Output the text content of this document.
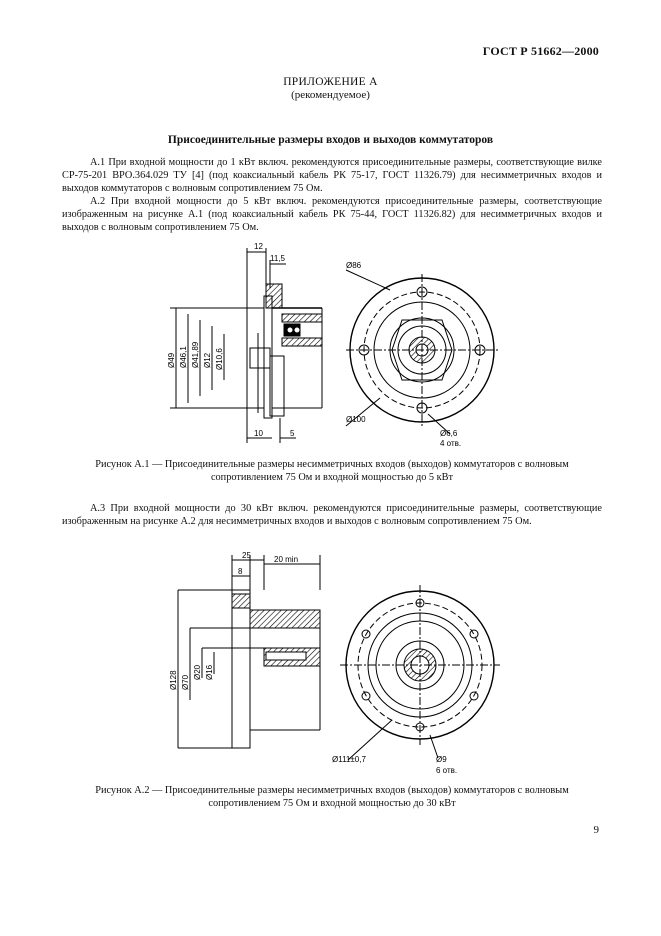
ГОСТ Р 51662—2000
ПРИЛОЖЕНИЕ А
(рекомендуемое)
Присоединительные размеры входов и выходов коммутаторов
А.1 При входной мощности до 1 кВт включ. рекомендуются присоединительные размеры, соответствующие вилке СР-75-201 ВРО.364.029 ТУ [4] (под коаксиальный кабель РК 75-17, ГОСТ 11326.79) для несимметричных входов и выходов коммутаторов с волновым сопротивлением 75 Ом.
А.2 При входной мощности до 5 кВт включ. рекомендуются присоединительные размеры, соответствующие изображенным на рисунке А.1 (под коаксиальный кабель РК 75-44, ГОСТ 11326.82) для несимметричных входов и выходов с волновым сопротивлением 75 Ом.
12
11,5
10	5
Ø49 Ø46,1 Ø41,89 Ø12 Ø10,6
Ø86
Ø100
Ø6,6
4 отв.
Рисунок А.1 — Присоединительные размеры несимметричных входов (выходов) коммутаторов с волновым сопротивлением 75 Ом и входной мощностью до 5 кВт
А.3 При входной мощности до 30 кВт включ. рекомендуются присоединительные размеры, соответствующие изображенным на рисунке А.2 для несимметричных входов и выходов с волновым сопротивлением 75 Ом.
25
8
20 min
Ø128 Ø70
Ø20 Ø16
Ø111±0,7	Ø9
6 отв.
Рисунок А.2 — Присоединительные размеры несимметричных входов (выходов) коммутаторов с волновым сопротивлением 75 Ом и входной мощностью до 30 кВт
9
